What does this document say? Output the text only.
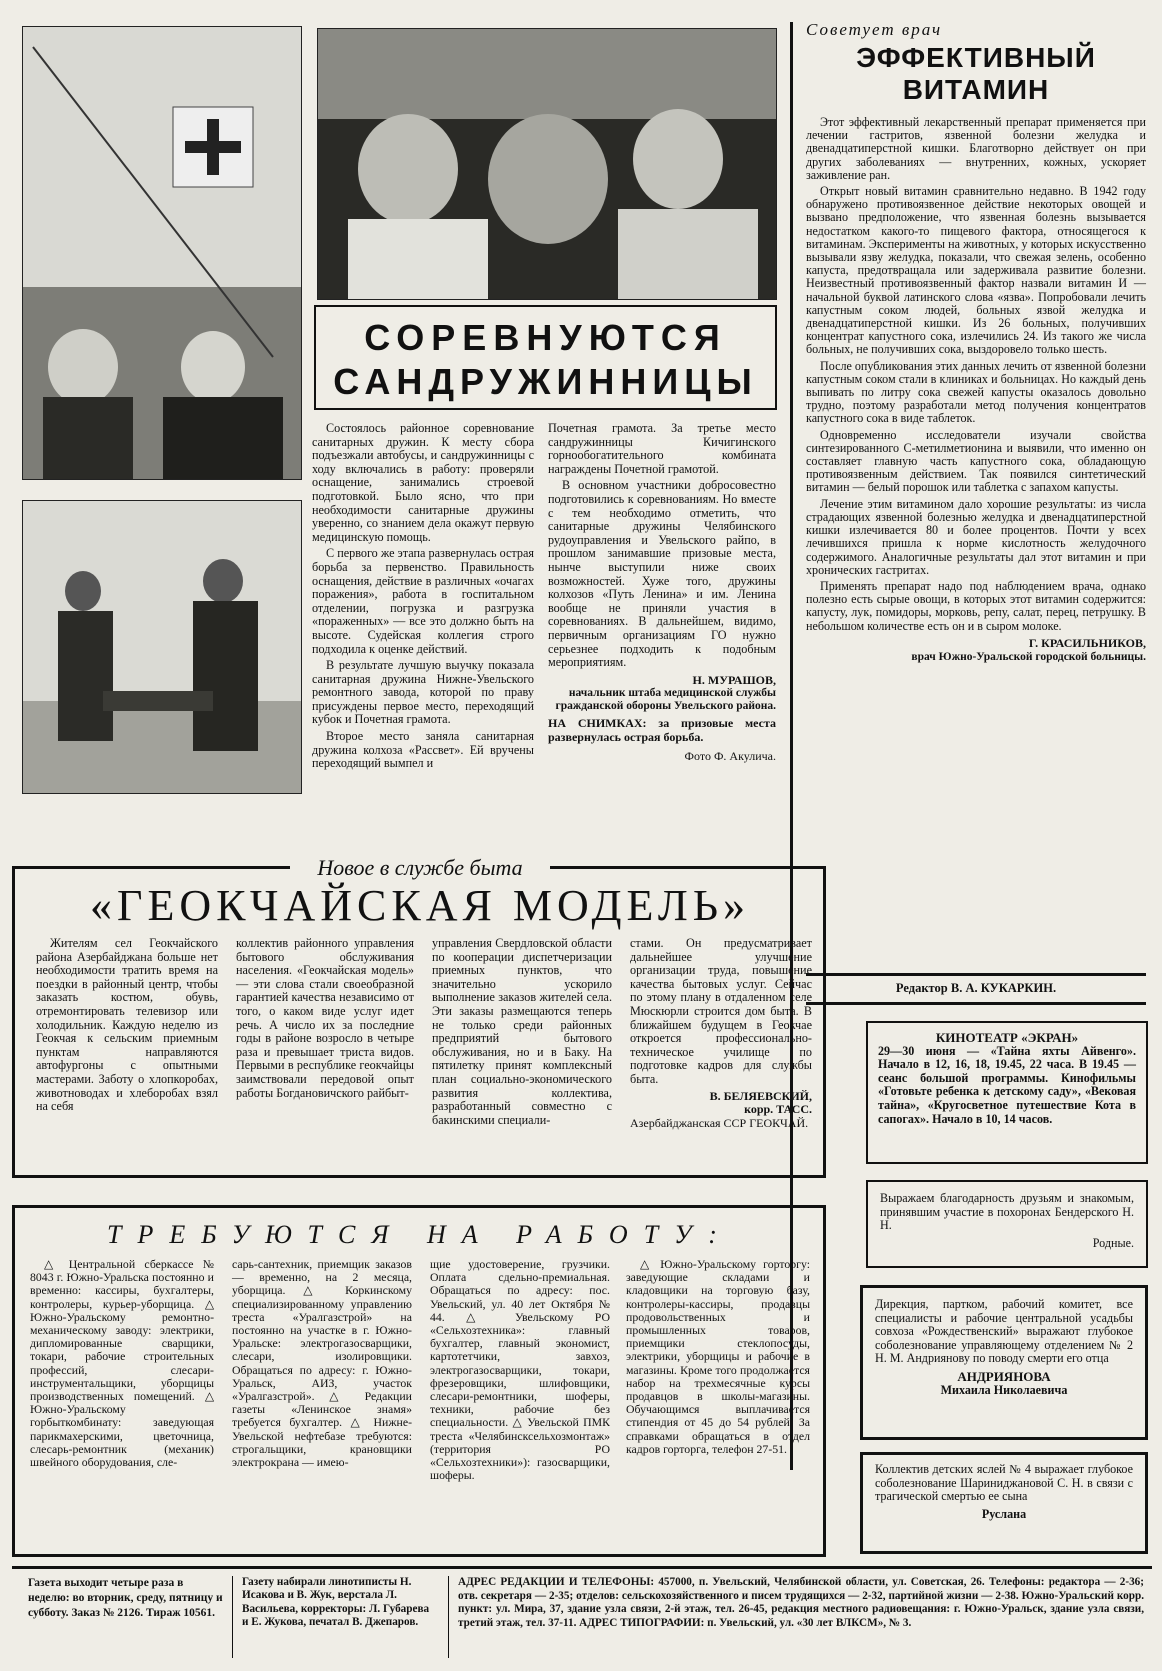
СОРЕВНУЮТСЯ
САНДРУЖИННИЦЫ

Состоялось районное соревнование санитарных дружин. К месту сбора подъезжали автобусы, и сандружинницы с ходу включались в работу: проверяли оснащение, занимались строевой подготовкой. Было ясно, что при необходимости санитарные дружины уверенно, со знанием дела окажут первую медицинскую помощь.

С первого же этапа развернулась острая борьба за первенство. Правильность оснащения, действие в различных «очагах поражения», работа в госпитальном отделении, погрузка и разгрузка «пораженных» — все это должно быть на высоте. Судейская коллегия строго подходила к оценке действий.

В результате лучшую выучку показала санитарная дружина Нижне-Увельского ремонтного завода, которой по праву присуждены первое место, переходящий кубок и Почетная грамота.

Второе место заняла санитарная дружина колхоза «Рассвет». Ей вручены переходящий вымпел и

Почетная грамота. За третье место сандружинницы Кичигинского горнообогатительного комбината награждены Почетной грамотой.

В основном участники добросовестно подготовились к соревнованиям. Но вместе с тем необходимо отметить, что санитарные дружины Челябинского рудоуправления и Увельского райпо, в прошлом занимавшие призовые места, нынче выступили ниже своих возможностей. Хуже того, дружины колхозов «Путь Ленина» и им. Ленина вообще не приняли участия в соревнованиях. В дальнейшем, видимо, первичным организациям ГО нужно серьезнее подходить к подобным мероприятиям.

Н. МУРАШОВ,
начальник штаба медицинской службы гражданской обороны Увельского района.
НА СНИМКАХ: за призовые места развернулась острая борьба.
Фото Ф. Акулича.
Советует врач
ЭФФЕКТИВНЫЙ
ВИТАМИН

Этот эффективный лекарственный препарат применяется при лечении гастритов, язвенной болезни желудка и двенадцатиперстной кишки. Благотворно действует он при других заболеваниях — внутренних, кожных, ускоряет заживление ран.

Открыт новый витамин сравнительно недавно. В 1942 году обнаружено противоязвенное действие некоторых овощей и вызвано предположение, что язвенная болезнь вызывается недостатком какого-то пищевого фактора, относящегося к витаминам. Эксперименты на животных, у которых искусственно вызывали язву желудка, показали, что свежая зелень, особенно капуста, предотвращала или задерживала развитие болезни. Неизвестный противоязвенный фактор назвали витамин И — начальной буквой латинского слова «язва». Попробовали лечить капустным соком людей, больных язвой желудка и двенадцатиперстной кишки. Из 26 больных, получивших концентрат капустного сока, излечились 24. Из такого же числа больных, не получивших сока, выздоровело только шесть.

После опубликования этих данных лечить от язвенной болезни капустным соком стали в клиниках и больницах. Но каждый день выпивать по литру сока свежей капусты оказалось довольно трудно, поэтому разработали метод получения концентратов капустного сока в виде таблеток.

Одновременно исследователи изучали свойства синтезированного С-метилметионина и выявили, что именно он составляет главную часть капустного сока, обладающую противоязвенным действием. Так появился синтетический витамин — белый порошок или таблетка с запахом капусты.

Лечение этим витамином дало хорошие результаты: из числа страдающих язвенной болезнью желудка и двенадцатиперстной кишки излечивается 80 и более процентов. Почти у всех лечившихся пришла к норме кислотность желудочного содержимого. Аналогичные результаты дал этот витамин и при хронических гастритах.

Применять препарат надо под наблюдением врача, однако полезно есть сырые овощи, в которых этот витамин содержится: капусту, лук, помидоры, морковь, репу, салат, перец, петрушку. В небольшом количестве есть он и в сыром молоке.

Г. КРАСИЛЬНИКОВ,
врач Южно-Уральской городской больницы.
Редактор В. А. КУКАРКИН.
КИНОТЕАТР «ЭКРАН»
29—30 июня — «Тайна яхты Айвенго». Начало в 12, 16, 18, 19.45, 22 часа. В 19.45 — сеанс большой программы. Кинофильмы «Готовьте ребенка к детскому саду», «Вековая тайна», «Кругосветное путешествие Кота в сапогах». Начало в 10, 14 часов.
Выражаем благодарность друзьям и знакомым, принявшим участие в похоронах Бендерского Н. Н.
Родные.
Дирекция, партком, рабочий комитет, все специалисты и рабочие центральной усадьбы совхоза «Рождественский» выражают глубокое соболезнование управляющему отделением № 2 Н. М. Андриянову по поводу смерти его отца
АНДРИЯНОВА
Михаила Николаевича
Коллектив детских яслей № 4 выражает глубокое соболезнование Шариниджановой С. Н. в связи с трагической смертью ее сына
Руслана
Новое в службе быта
«ГЕОКЧАЙСКАЯ МОДЕЛЬ»

Жителям сел Геокчайского района Азербайджана больше нет необходимости тратить время на поездки в районный центр, чтобы заказать костюм, обувь, отремонтировать телевизор или холодильник. Каждую неделю из Геокчая к сельским приемным пунктам направляются автофургоны с опытными мастерами. Заботу о хлопкоробах, животноводах и хлеборобах взял на себя

коллектив районного управления бытового обслуживания населения. «Геокчайская модель» — эти слова стали своеобразной гарантией качества независимо от того, о каком виде услуг идет речь. А число их за последние годы в районе возросло в четыре раза и превышает триста видов. Первыми в республике геокчайцы заимствовали передовой опыт работы Богдановичского райбыт-

управления Свердловской области по кооперации диспетчеризации приемных пунктов, что значительно ускорило выполнение заказов жителей села. Эти заказы размещаются теперь не только среди районных предприятий бытового обслуживания, но и в Баку. На пятилетку принят комплексный план социально-экономического развития коллектива, разработанный совместно с бакинскими специали-

стами. Он предусматривает дальнейшее улучшение организации труда, повышение качества бытовых услуг. Сейчас по этому плану в отдаленном селе Мюскюрли строится дом быта. В ближайшем будущем в Геокчае откроется профессионально-техническое училище по подготовке кадров для службы быта.

В. БЕЛЯЕВСКИЙ,
корр. ТАСС.
Азербайджанская ССР ГЕОКЧАЙ.
ТРЕБУЮТСЯ НА РАБОТУ:

△ Центральной сберкассе № 8043 г. Южно-Уральска постоянно и временно: кассиры, бухгалтеры, контролеры, курьер-уборщица. △ Южно-Уральскому ремонтно-механическому заводу: электрики, дипломированные сварщики, токари, рабочие строительных профессий, слесари-инструментальщики, уборщицы производственных помещений. △ Южно-Уральскому горбыткомбинату: заведующая парикмахерскими, цветочница, слесарь-ремонтник (механик) швейного оборудования, сле-

сарь-сантехник, приемщик заказов — временно, на 2 месяца, уборщица. △ Коркинскому специализированному управлению треста «Уралгазстрой» на постоянно на участке в г. Южно-Уральске: электрогазосварщики, слесари, изолировщики. Обращаться по адресу: г. Южно-Уральск, АИЗ, участок «Уралгазстрой». △ Редакции газеты «Ленинское знамя» требуется бухгалтер. △ Нижне-Увельской нефтебазе требуются: строгальщики, крановщики электрокрана — имею-

щие удостоверение, грузчики. Оплата сдельно-премиальная. Обращаться по адресу: пос. Увельский, ул. 40 лет Октября № 44. △ Увельскому РО «Сельхозтехника»: главный бухгалтер, главный экономист, картотетчики, завхоз, электрогазосварщики, токари, фрезеровщики, шлифовщики, слесари-ремонтники, шоферы, техники, рабочие без специальности. △ Увельской ПМК треста «Челябинсксельхозмонтаж» (территория РО «Сельхозтехники»): газосварщики, шоферы.

△ Южно-Уральскому горторгу: заведующие складами и кладовщики на торговую базу, контролеры-кассиры, продавцы продовольственных и промышленных товаров, приемщики стеклопосуды, электрики, уборщицы и рабочие в магазины. Кроме того продолжается набор на трехмесячные курсы продавцов в школы-магазины. Обучающимся выплачивается стипендия от 45 до 54 рублей. За справками обращаться в отдел кадров горторга, телефон 27-51.

Газета выходит четыре раза в неделю: во вторник, среду, пятницу и субботу. Заказ № 2126. Тираж 10561.
Газету набирали линотиписты Н. Исакова и В. Жук, верстала Л. Васильева, корректоры: Л. Губарева и Е. Жукова, печатал В. Джепаров.
АДРЕС РЕДАКЦИИ И ТЕЛЕФОНЫ: 457000, п. Увельский, Челябинской области, ул. Советская, 26. Телефоны: редактора — 2-36; отв. секретаря — 2-35; отделов: сельскохозяйственного и писем трудящихся — 2-32, партийной жизни — 2-38. Южно-Уральский корр. пункт: ул. Мира, 37, здание узла связи, 2-й этаж, тел. 26-45, редакция местного радиовещания: г. Южно-Уральск, здание узла связи, третий этаж, тел. 37-11. АДРЕС ТИПОГРАФИИ: п. Увельский, ул. «30 лет ВЛКСМ», № 3.
